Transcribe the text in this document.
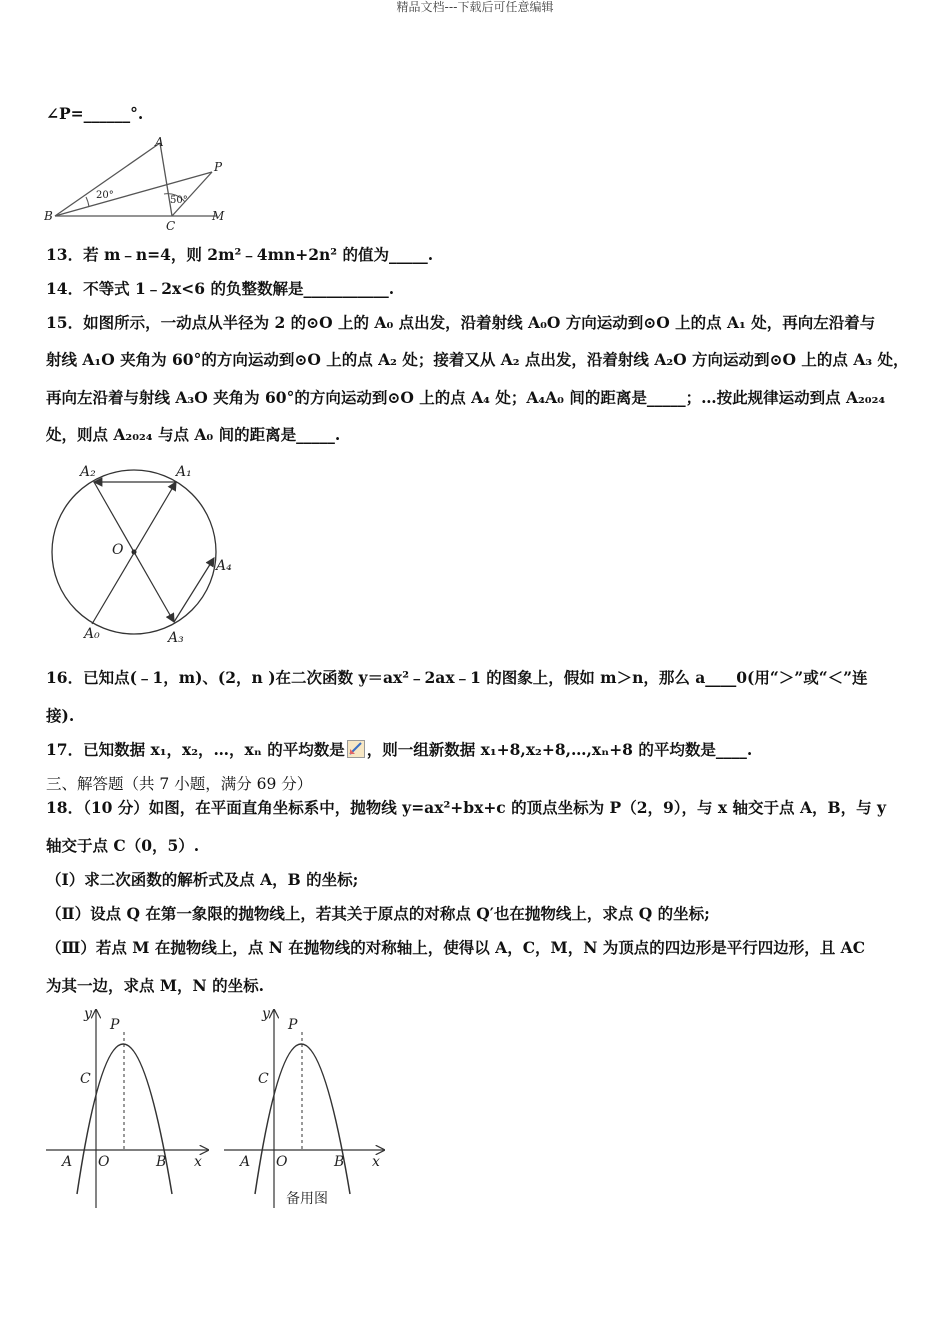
精品文档---下载后可任意编辑
∠P=______°.
A
P
B
C
M
20°	50°
13．若 m﹣n=4，则 2m²﹣4mn+2n² 的值为_____.
14．不等式 1﹣2x<6 的负整数解是___________.
15．如图所示，一动点从半径为 2 的⊙O 上的 A₀ 点出发，沿着射线 A₀O 方向运动到⊙O 上的点 A₁ 处，再向左沿着与
射线 A₁O 夹角为 60°的方向运动到⊙O 上的点 A₂ 处；接着又从 A₂ 点出发，沿着射线 A₂O 方向运动到⊙O 上的点 A₃ 处，
再向左沿着与射线 A₃O 夹角为 60°的方向运动到⊙O 上的点 A₄ 处；A₄A₀ 间的距离是_____；…按此规律运动到点 A₂₀₂₄
处，则点 A₂₀₂₄ 与点 A₀ 间的距离是_____.
A₂	A₁
O
A₄
A₀	A₃
16．已知点(﹣1，m)、(2，n )在二次函数 y＝ax²﹣2ax﹣1 的图象上，假如 m＞n，那么 a____0(用“＞”或“＜”连
接).
17．已知数据 x₁，x₂，…，xₙ 的平均数是 ，则一组新数据 x₁+8,x₂+8,…,xₙ+8 的平均数是____.
三、解答题（共 7 小题，满分 69 分）
18．（10 分）如图，在平面直角坐标系中，抛物线 y=ax²+bx+c 的顶点坐标为 P（2，9），与 x 轴交于点 A，B，与 y
轴交于点 C（0，5）.
（Ⅰ）求二次函数的解析式及点 A，B 的坐标;
（Ⅱ）设点 Q 在第一象限的抛物线上，若其关于原点的对称点 Q′也在抛物线上，求点 Q 的坐标;
（Ⅲ）若点 M 在抛物线上，点 N 在抛物线的对称轴上，使得以 A，C，M，N 为顶点的四边形是平行四边形，且 AC
为其一边，求点 M，N 的坐标.
y
P
C
A O	B x
y
P
C
A O	B x
备用图
